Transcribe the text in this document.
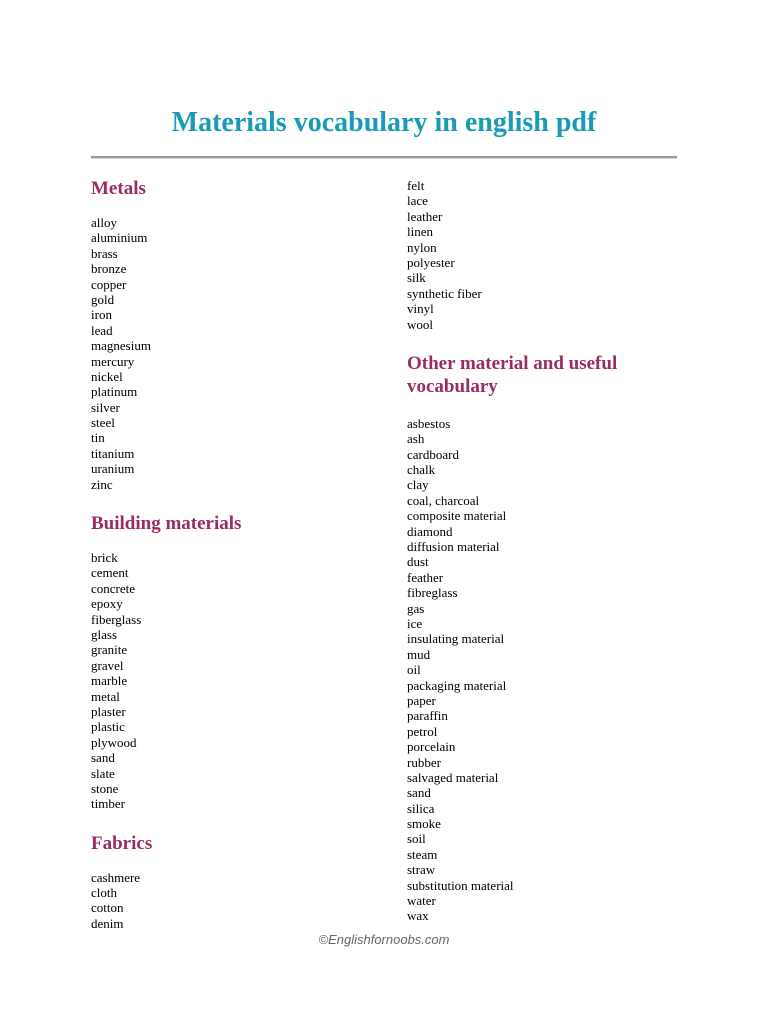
Materials vocabulary in english pdf
Metals
alloy
aluminium
brass
bronze
copper
gold
iron
lead
magnesium
mercury
nickel
platinum
silver
steel
tin
titanium
uranium
zinc
Building materials
brick
cement
concrete
epoxy
fiberglass
glass
granite
gravel
marble
metal
plaster
plastic
plywood
sand
slate
stone
timber
Fabrics
cashmere
cloth
cotton
denim
felt
lace
leather
linen
nylon
polyester
silk
synthetic fiber
vinyl
wool
Other material and useful vocabulary
asbestos
ash
cardboard
chalk
clay
coal, charcoal
composite material
diamond
diffusion material
dust
feather
fibreglass
gas
ice
insulating material
mud
oil
packaging material
paper
paraffin
petrol
porcelain
rubber
salvaged material
sand
silica
smoke
soil
steam
straw
substitution material
water
wax
©Englishfornoobs.com
